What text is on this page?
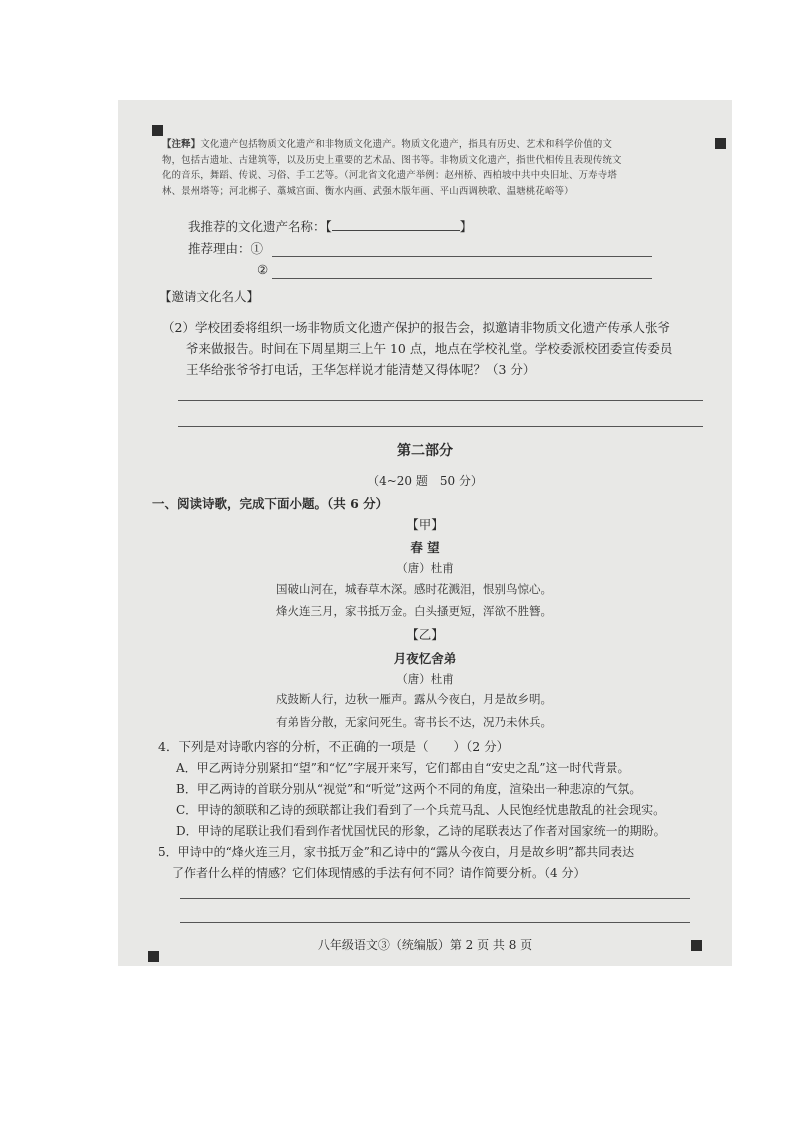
【注释】文化遗产包括物质文化遗产和非物质文化遗产。物质文化遗产，指具有历史、艺术和科学价值的文
物，包括古遗址、古建筑等，以及历史上重要的艺术品、图书等。非物质文化遗产，指世代相传且表现传统文
化的音乐，舞蹈、传说、习俗、手工艺等。（河北省文化遗产举例：赵州桥、西柏坡中共中央旧址、万寿寺塔
林、景州塔等；河北梆子、藁城宫面、衡水内画、武强木版年画、平山西调秧歌、温塘桃花峪等）
我推荐的文化遗产名称：【	】
推荐理由：①
②
【邀请文化名人】
（2）学校团委将组织一场非物质文化遗产保护的报告会，拟邀请非物质文化遗产传承人张爷
爷来做报告。时间在下周星期三上午 10 点，地点在学校礼堂。学校委派校团委宣传委员
王华给张爷爷打电话，王华怎样说才能清楚又得体呢？（3 分）
第二部分
（4~20 题　50 分）
一、阅读诗歌，完成下面小题。（共 6 分）
【甲】
春 望
（唐）杜甫
国破山河在，城春草木深。感时花溅泪，恨别鸟惊心。
烽火连三月，家书抵万金。白头搔更短，浑欲不胜簪。
【乙】
月夜忆舍弟
（唐）杜甫
戍鼓断人行，边秋一雁声。露从今夜白，月是故乡明。
有弟皆分散，无家问死生。寄书长不达，况乃未休兵。
4．下列是对诗歌内容的分析，不正确的一项是（　　）（2 分）
A．甲乙两诗分别紧扣“望”和“忆”字展开来写，它们都由自“安史之乱”这一时代背景。
B．甲乙两诗的首联分别从“视觉”和“听觉”这两个不同的角度，渲染出一种悲凉的气氛。
C．甲诗的颔联和乙诗的颈联都让我们看到了一个兵荒马乱、人民饱经忧患散乱的社会现实。
D．甲诗的尾联让我们看到作者忧国忧民的形象，乙诗的尾联表达了作者对国家统一的期盼。
5．甲诗中的“烽火连三月，家书抵万金”和乙诗中的“露从今夜白，月是故乡明”都共同表达
了作者什么样的情感？它们体现情感的手法有何不同？请作简要分析。（4 分）
八年级语文③（统编版）第 2 页 共 8 页
